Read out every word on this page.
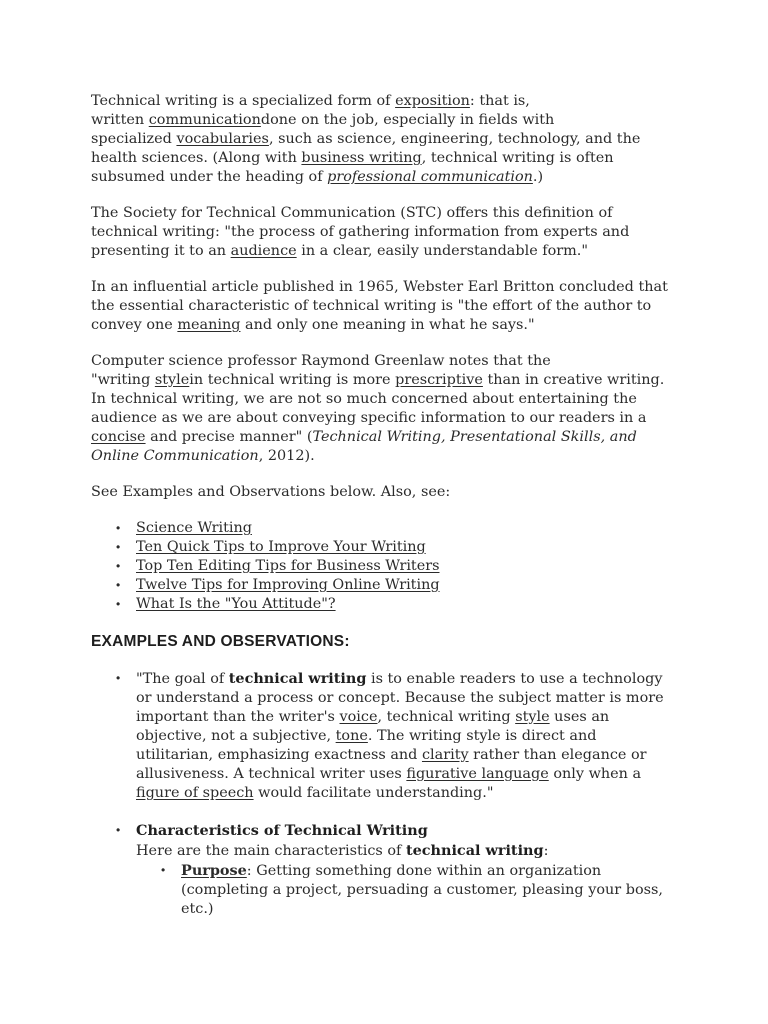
Technical writing is a specialized form of exposition: that is,
written communicationdone on the job, especially in fields with
specialized vocabularies, such as science, engineering, technology, and the health sciences. (Along with business writing, technical writing is often subsumed under the heading of professional communication.)

The Society for Technical Communication (STC) offers this definition of technical writing: "the process of gathering information from experts and presenting it to an audience in a clear, easily understandable form."

In an influential article published in 1965, Webster Earl Britton concluded that the essential characteristic of technical writing is "the effort of the author to convey one meaning and only one meaning in what he says."

Computer science professor Raymond Greenlaw notes that the
"writing stylein technical writing is more prescriptive than in creative writing. In technical writing, we are not so much concerned about entertaining the audience as we are about conveying specific information to our readers in a concise and precise manner" (Technical Writing, Presentational Skills, and Online Communication, 2012).

See Examples and Observations below. Also, see:

• Science Writing
• Ten Quick Tips to Improve Your Writing
• Top Ten Editing Tips for Business Writers
• Twelve Tips for Improving Online Writing
• What Is the "You Attitude"?
EXAMPLES AND OBSERVATIONS:
• "The goal of technical writing is to enable readers to use a technology or understand a process or concept. Because the subject matter is more important than the writer's voice, technical writing style uses an objective, not a subjective, tone. The writing style is direct and utilitarian, emphasizing exactness and clarity rather than elegance or allusiveness. A technical writer uses figurative language only when a figure of speech would facilitate understanding."
• Characteristics of Technical Writing
Here are the main characteristics of technical writing:
• Purpose: Getting something done within an organization (completing a project, persuading a customer, pleasing your boss, etc.)
